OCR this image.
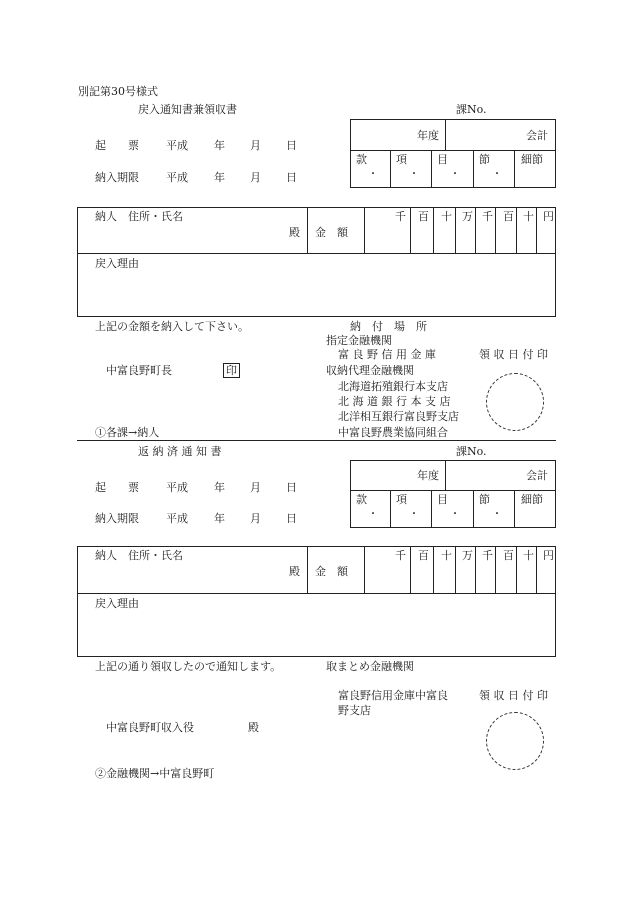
別記第30号様式
戻入通知書兼領収書	課No.
起　　票 平成 年 月 日
納入期限 平成 年 月 日
年度	会計
款	項	目	節	細節
・	・	・	・
納人　住所・氏名
殿 金　額
千	百	十 万 千 百 十 円
戻入理由
上記の金額を納入して下さい。	納　付　場　所
指定金融機関
富 良 野 信 用 金 庫	領 収 日 付 印
中富良野町長	印	収納代理金融機関
北海道拓殖銀行本支店
北 海 道 銀 行 本 支 店
北洋相互銀行富良野支店
中富良野農業協同組合
①各課→納人
返 納 済 通 知 書	課No.
起　　票 平成 年 月 日
納入期限 平成 年 月 日
年度	会計
款	項	目	節	細節
・	・	・	・
納人　住所・氏名
殿 金　額
千	百	十 万 千 百 十 円
戻入理由
上記の通り領収したので通知します。	取まとめ金融機関
富良野信用金庫中富良	領 収 日 付 印
野支店
中富良野町収入役	殿
②金融機関→中富良野町
